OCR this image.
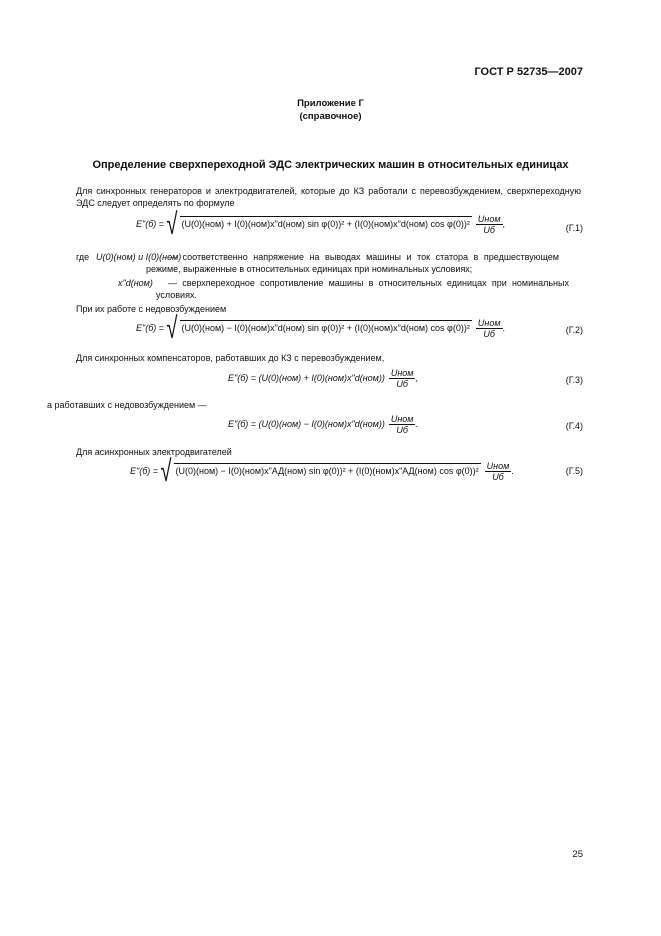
ГОСТ Р 52735—2007
Приложение Г
(справочное)
Определение сверхпереходной ЭДС электрических машин в относительных единицах
Для синхронных генераторов и электродвигателей, которые до КЗ работали с перевозбуждением, сверхпереходную ЭДС следует определять по формуле
E"(б) = √ (U(0)(ном) + I(0)(ном)x"d(ном) sin φ(0))² + (I(0)(ном)x"d(ном) $\cos \varphi(0))^2 \frac{\text{Uном}}{Uб}$ ,	(Г.1)
где U(0)(ном) и I(0)(ном)
— соответственно напряжение на выводах машины и ток статора в предшествующем режиме, выраженные в относительных единицах при номинальных условиях;
x"d(ном)	— сверхпереходное сопротивление машины в относительных единицах при номинальных условиях.
При их работе с недовозбуждением
E"(б) = √ (U(0)(ном) − I(0)(ном)x"d(ном) sin φ(0))² + (I(0)(ном)x"d(ном) $\cos \varphi(0))^2 \frac{\text{Uном}}{Uб}$ .	(Г.2)
Для синхронных компенсаторов, работавших до КЗ с перевозбуждением,
E"(б) = (U(0)(ном) + I(0)(ном)x"d(ном)) $\frac{\text{Uном}}{Uб}$ ,	(Г.3)
а работавших с недовозбуждением —
E"(б) = (U(0)(ном) − I(0)(ном)x"d(ном)) $\frac{\text{Uном}}{Uб}$ .	(Г.4)
Для асинхронных электродвигателей
E"(б) = √ (U(0)(ном) − I(0)(ном)x"АД(ном) sin φ(0))² + (I(0)(ном)x"АД(ном) $\cos \varphi(0))^2 \frac{\text{Uном}}{Uб}$ .	(Г.5)
25
